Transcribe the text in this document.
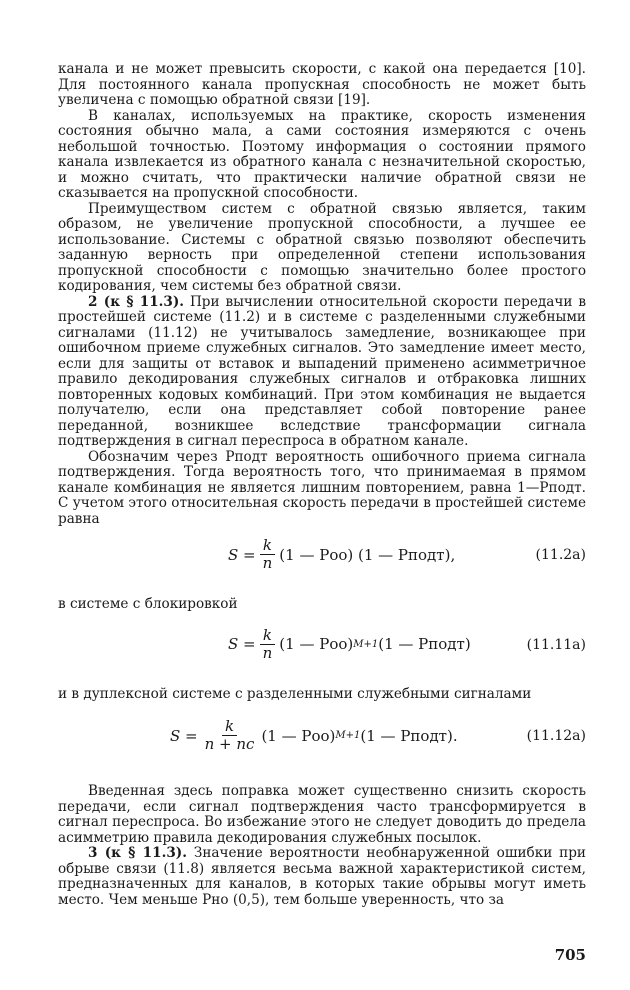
канала и не может превысить скорости, с какой она передается [10]. Для постоянного канала пропускная способность не может быть увеличена с помощью обратной связи [19].

В каналах, используемых на практике, скорость изменения состояния обычно мала, а сами состояния измеряются с очень небольшой точностью. Поэтому информация о состоянии прямого канала извлекается из обратного канала с незначительной скоростью, и можно считать, что практически наличие обратной связи не сказывается на пропускной способности.

Преимуществом систем с обратной связью является, таким образом, не увеличение пропускной способности, а лучшее ее использование. Системы с обратной связью позволяют обеспечить заданную верность при определенной степени использования пропускной способности с помощью значительно более простого кодирования, чем системы без обратной связи.

2 (к § 11.3). При вычислении относительной скорости передачи в простейшей системе (11.2) и в системе с разделенными служебными сигналами (11.12) не учитывалось замедление, возникающее при ошибочном приеме служебных сигналов. Это замедление имеет место, если для защиты от вставок и выпадений применено асимметричное правило декодирования служебных сигналов и отбраковка лишних повторенных кодовых комбинаций. При этом комбинация не выдается получателю, если она представляет собой повторение ранее переданной, возникшее вследствие трансформации сигнала подтверждения в сигнал переспроса в обратном канале.

Обозначим через Pподт вероятность ошибочного приема сигнала подтверждения. Тогда вероятность того, что принимаемая в прямом канале комбинация не является лишним повторением, равна 1—Pподт. С учетом этого относительная скорость передачи в простейшей системе равна

$S = \frac{k}{n} (1$ — Pоо) (1 — Pподт),	(11.2a)

в системе с блокировкой

$S = \frac{k}{n} (1$ — Pоо) M+1 (1 — Pподт)	(11.11a)

и в дуплексной системе с разделенными служебными сигналами

$S = \frac{k}{n + nс} (1$ — Pоо) M+1 (1 — Pподт).	(11.12a)

Введенная здесь поправка может существенно снизить скорость передачи, если сигнал подтверждения часто трансформируется в сигнал переспроса. Во избежание этого не следует доводить до предела асимметрию правила декодирования служебных посылок.

3 (к § 11.3). Значение вероятности необнаруженной ошибки при обрыве связи (11.8) является весьма важной характеристикой систем, предназначенных для каналов, в которых такие обрывы могут иметь место. Чем меньше Pно (0,5), тем больше уверенность, что за

705
